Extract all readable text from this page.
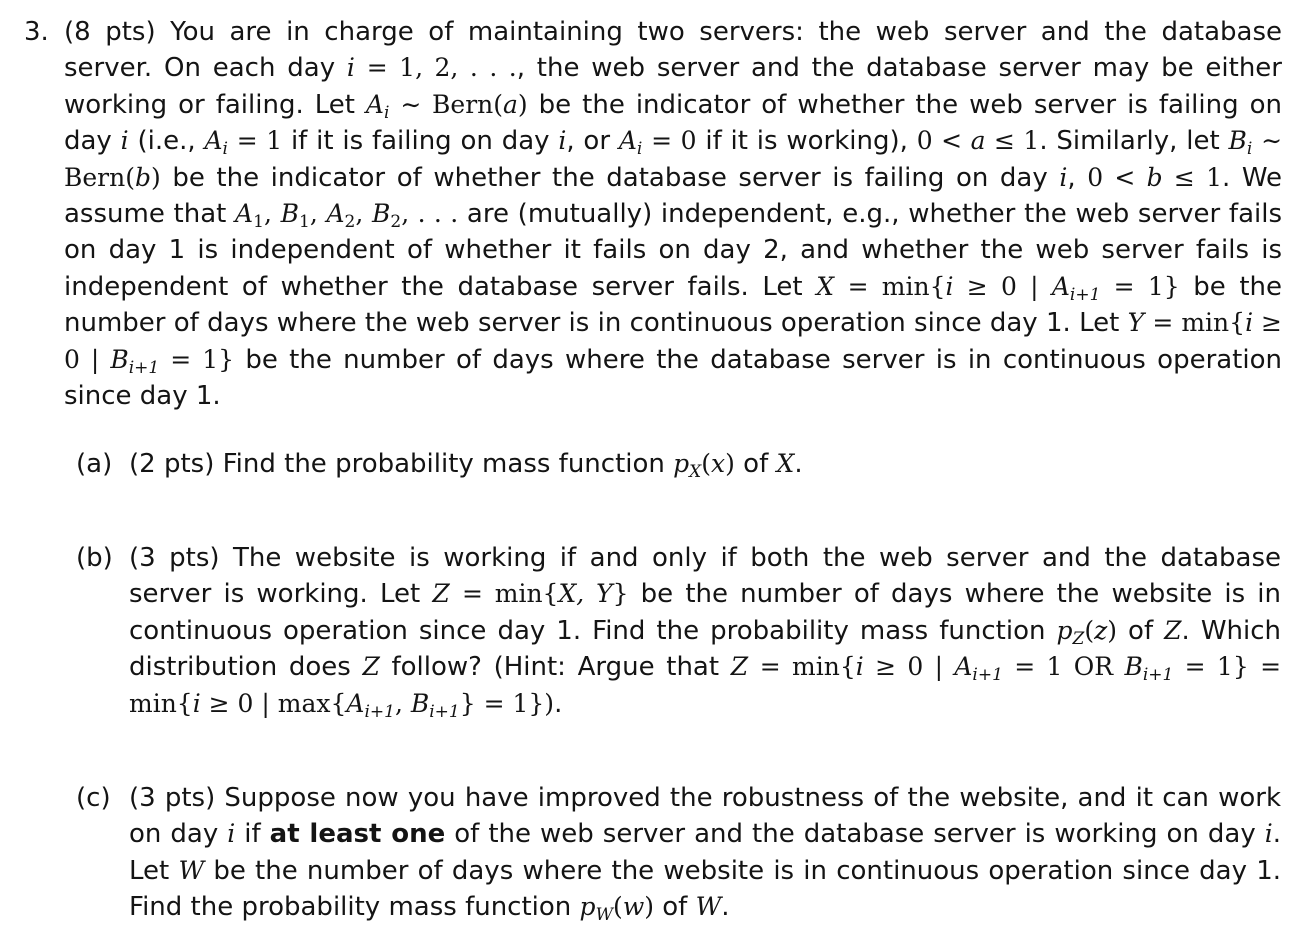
3. (8 pts) You are in charge of maintaining two servers: the web server and the database server. On each day i = 1, 2, . . ., the web server and the database server may be either working or failing. Let $A_i$ ∼ Bern(a) be the indicator of whether the web server is failing on day i (i.e., $A_i = 1$ if it is failing on day i, or $A_i = 0$ if it is working), 0 < a ≤ 1. Similarly, let $B_i$ ∼ Bern(b) be the indicator of whether the database server is failing on day i, 0 < b ≤ 1. We assume that $A_1$, $B_1$, $A_2$, $B_2$, . . . are (mutually) independent, e.g., whether the web server fails on day 1 is independent of whether it fails on day 2, and whether the web server fails is independent of whether the database server fails. Let X = min{i ≥ 0 | $A_{i+1} = 1$} be the number of days where the web server is in continuous operation since day 1. Let Y = min{i ≥ 0 | $B_{i+1} = 1$} be the number of days where the database server is in continuous operation since day 1.
(a) (2 pts) Find the probability mass function $p_X(x)$ of X.
(b) (3 pts) The website is working if and only if both the web server and the database server is working. Let Z = min{X, Y} be the number of days where the website is in continuous operation since day 1. Find the probability mass function $p_Z(z)$ of Z. Which distribution does Z follow? (Hint: Argue that Z = min{i ≥ 0 | $A_{i+1} = 1$ OR $B_{i+1} = 1\} = \min\{i \ge 0$ | $\max\{A_{i+1}$, $B_{i+1}\} = 1$}).
(c) (3 pts) Suppose now you have improved the robustness of the website, and it can work on day i if at least one of the web server and the database server is working on day i. Let W be the number of days where the website is in continuous operation since day 1. Find the probability mass function $p_W(w)$ of W.
